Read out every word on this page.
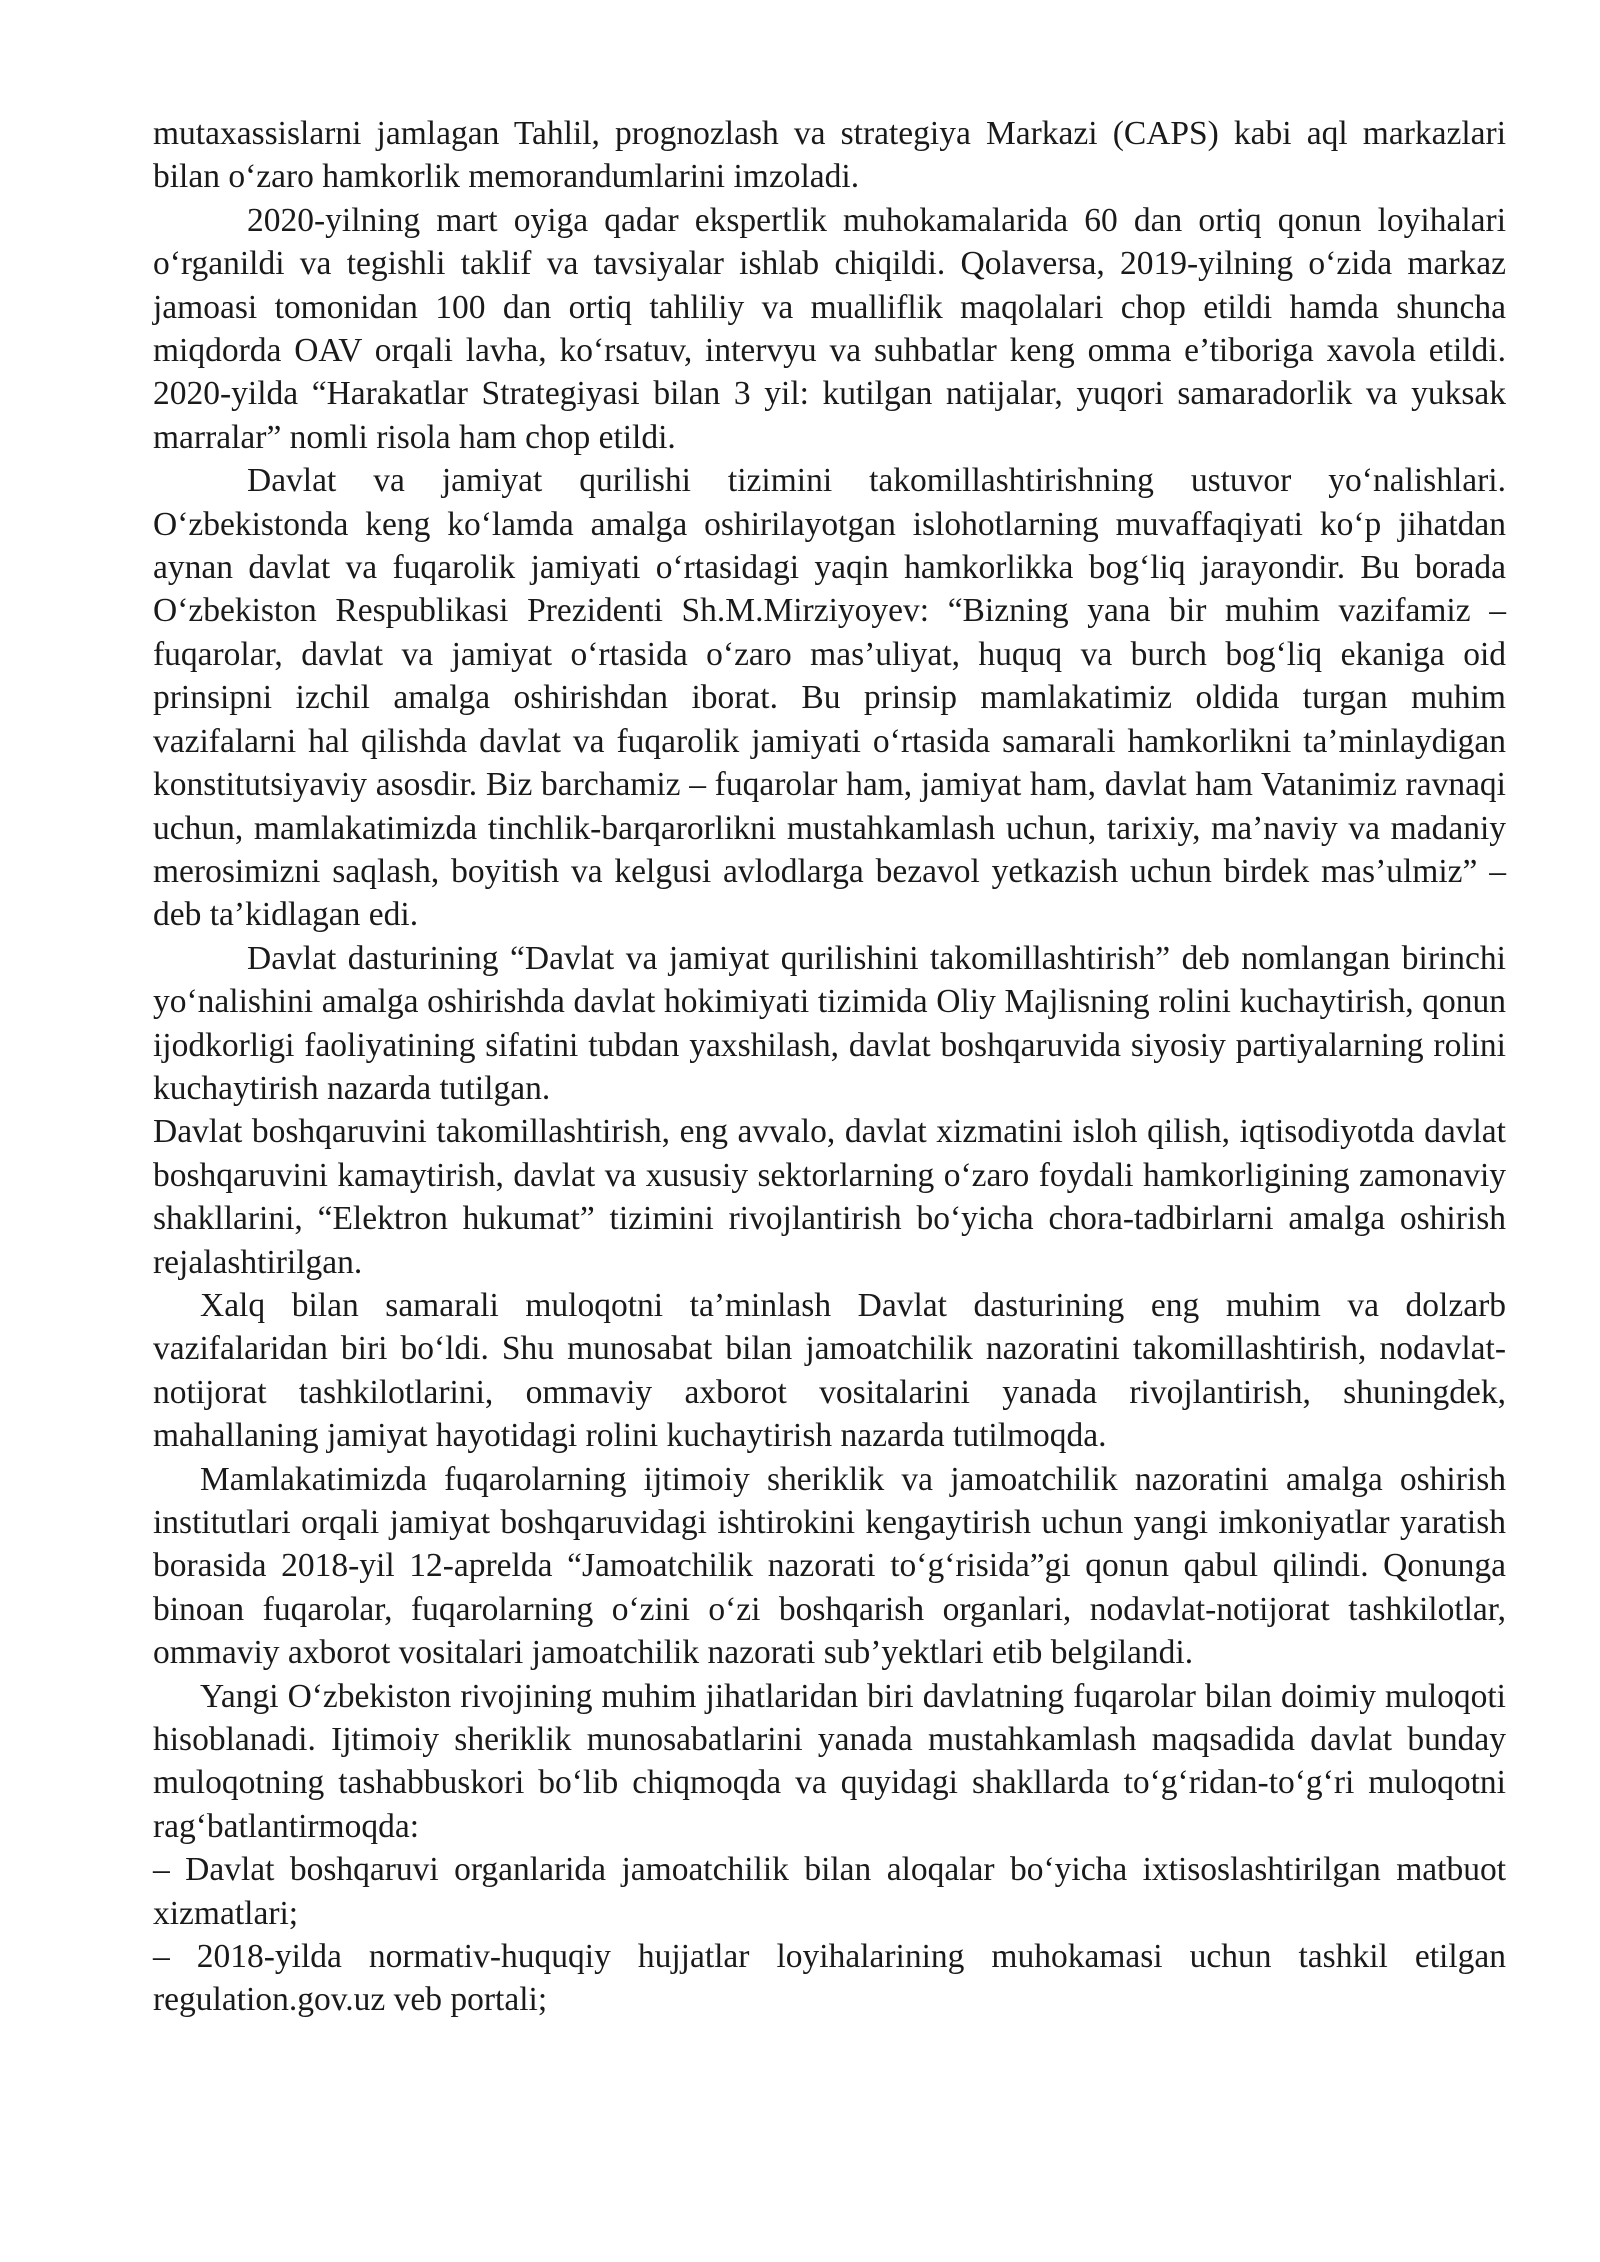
mutaxassislarni jamlagan Tahlil, prognozlash va strategiya Markazi (CAPS) kabi aql markazlari bilan o‘zaro hamkorlik memorandumlarini imzoladi.

2020-yilning mart oyiga qadar ekspertlik muhokamalarida 60 dan ortiq qonun loyihalari o‘rganildi va tegishli taklif va tavsiyalar ishlab chiqildi. Qolaversa, 2019-yilning o‘zida markaz jamoasi tomonidan 100 dan ortiq tahliliy va mualliflik maqolalari chop etildi hamda shuncha miqdorda OAV orqali lavha, ko‘rsatuv, intervyu va suhbatlar keng omma e’tiboriga xavola etildi. 2020-yilda “Harakatlar Strategiyasi bilan 3 yil: kutilgan natijalar, yuqori samaradorlik va yuksak marralar” nomli risola ham chop etildi.

Davlat va jamiyat qurilishi tizimini takomillashtirishning ustuvor yo‘nalishlari. O‘zbekistonda keng ko‘lamda amalga oshirilayotgan islohotlarning muvaffaqiyati ko‘p jihatdan aynan davlat va fuqarolik jamiyati o‘rtasidagi yaqin hamkorlikka bog‘liq jarayondir. Bu borada O‘zbekiston Respublikasi Prezidenti Sh.M.Mirziyoyev: “Bizning yana bir muhim vazifamiz – fuqarolar, davlat va jamiyat o‘rtasida o‘zaro mas’uliyat, huquq va burch bog‘liq ekaniga oid prinsipni izchil amalga oshirishdan iborat. Bu prinsip mamlakatimiz oldida turgan muhim vazifalarni hal qilishda davlat va fuqarolik jamiyati o‘rtasida samarali hamkorlikni ta’minlaydigan konstitutsiyaviy asosdir. Biz barchamiz – fuqarolar ham, jamiyat ham, davlat ham Vatanimiz ravnaqi uchun, mamlakatimizda tinchlik-barqarorlikni mustahkamlash uchun, tarixiy, ma’naviy va madaniy merosimizni saqlash, boyitish va kelgusi avlodlarga bezavol yetkazish uchun birdek mas’ulmiz” – deb ta’kidlagan edi.

Davlat dasturining “Davlat va jamiyat qurilishini takomillashtirish” deb nomlangan birinchi yo‘nalishini amalga oshirishda davlat hokimiyati tizimida Oliy Majlisning rolini kuchaytirish, qonun ijodkorligi faoliyatining sifatini tubdan yaxshilash, davlat boshqaruvida siyosiy partiyalarning rolini kuchaytirish nazarda tutilgan.

Davlat boshqaruvini takomillashtirish, eng avvalo, davlat xizmatini isloh qilish, iqtisodiyotda davlat boshqaruvini kamaytirish, davlat va xususiy sektorlarning o‘zaro foydali hamkorligining zamonaviy shakllarini, “Elektron hukumat” tizimini rivojlantirish bo‘yicha chora-tadbirlarni amalga oshirish rejalashtirilgan.

Xalq bilan samarali muloqotni ta’minlash Davlat dasturining eng muhim va dolzarb vazifalaridan biri bo‘ldi. Shu munosabat bilan jamoatchilik nazoratini takomillashtirish, nodavlat-notijorat tashkilotlarini, ommaviy axborot vositalarini yanada rivojlantirish, shuningdek, mahallaning jamiyat hayotidagi rolini kuchaytirish nazarda tutilmoqda.

Mamlakatimizda fuqarolarning ijtimoiy sheriklik va jamoatchilik nazoratini amalga oshirish institutlari orqali jamiyat boshqaruvidagi ishtirokini kengaytirish uchun yangi imkoniyatlar yaratish borasida 2018-yil 12-aprelda “Jamoatchilik nazorati to‘g‘risida”gi qonun qabul qilindi. Qonunga binoan fuqarolar, fuqarolarning o‘zini o‘zi boshqarish organlari, nodavlat-notijorat tashkilotlar, ommaviy axborot vositalari jamoatchilik nazorati sub’yektlari etib belgilandi.

Yangi O‘zbekiston rivojining muhim jihatlaridan biri davlatning fuqarolar bilan doimiy muloqoti hisoblanadi. Ijtimoiy sheriklik munosabatlarini yanada mustahkamlash maqsadida davlat bunday muloqotning tashabbuskori bo‘lib chiqmoqda va quyidagi shakllarda to‘g‘ridan-to‘g‘ri muloqotni rag‘batlantirmoqda:

– Davlat boshqaruvi organlarida jamoatchilik bilan aloqalar bo‘yicha ixtisoslashtirilgan matbuot xizmatlari;

– 2018-yilda normativ-huquqiy hujjatlar loyihalarining muhokamasi uchun tashkil etilgan regulation.gov.uz veb portali;
